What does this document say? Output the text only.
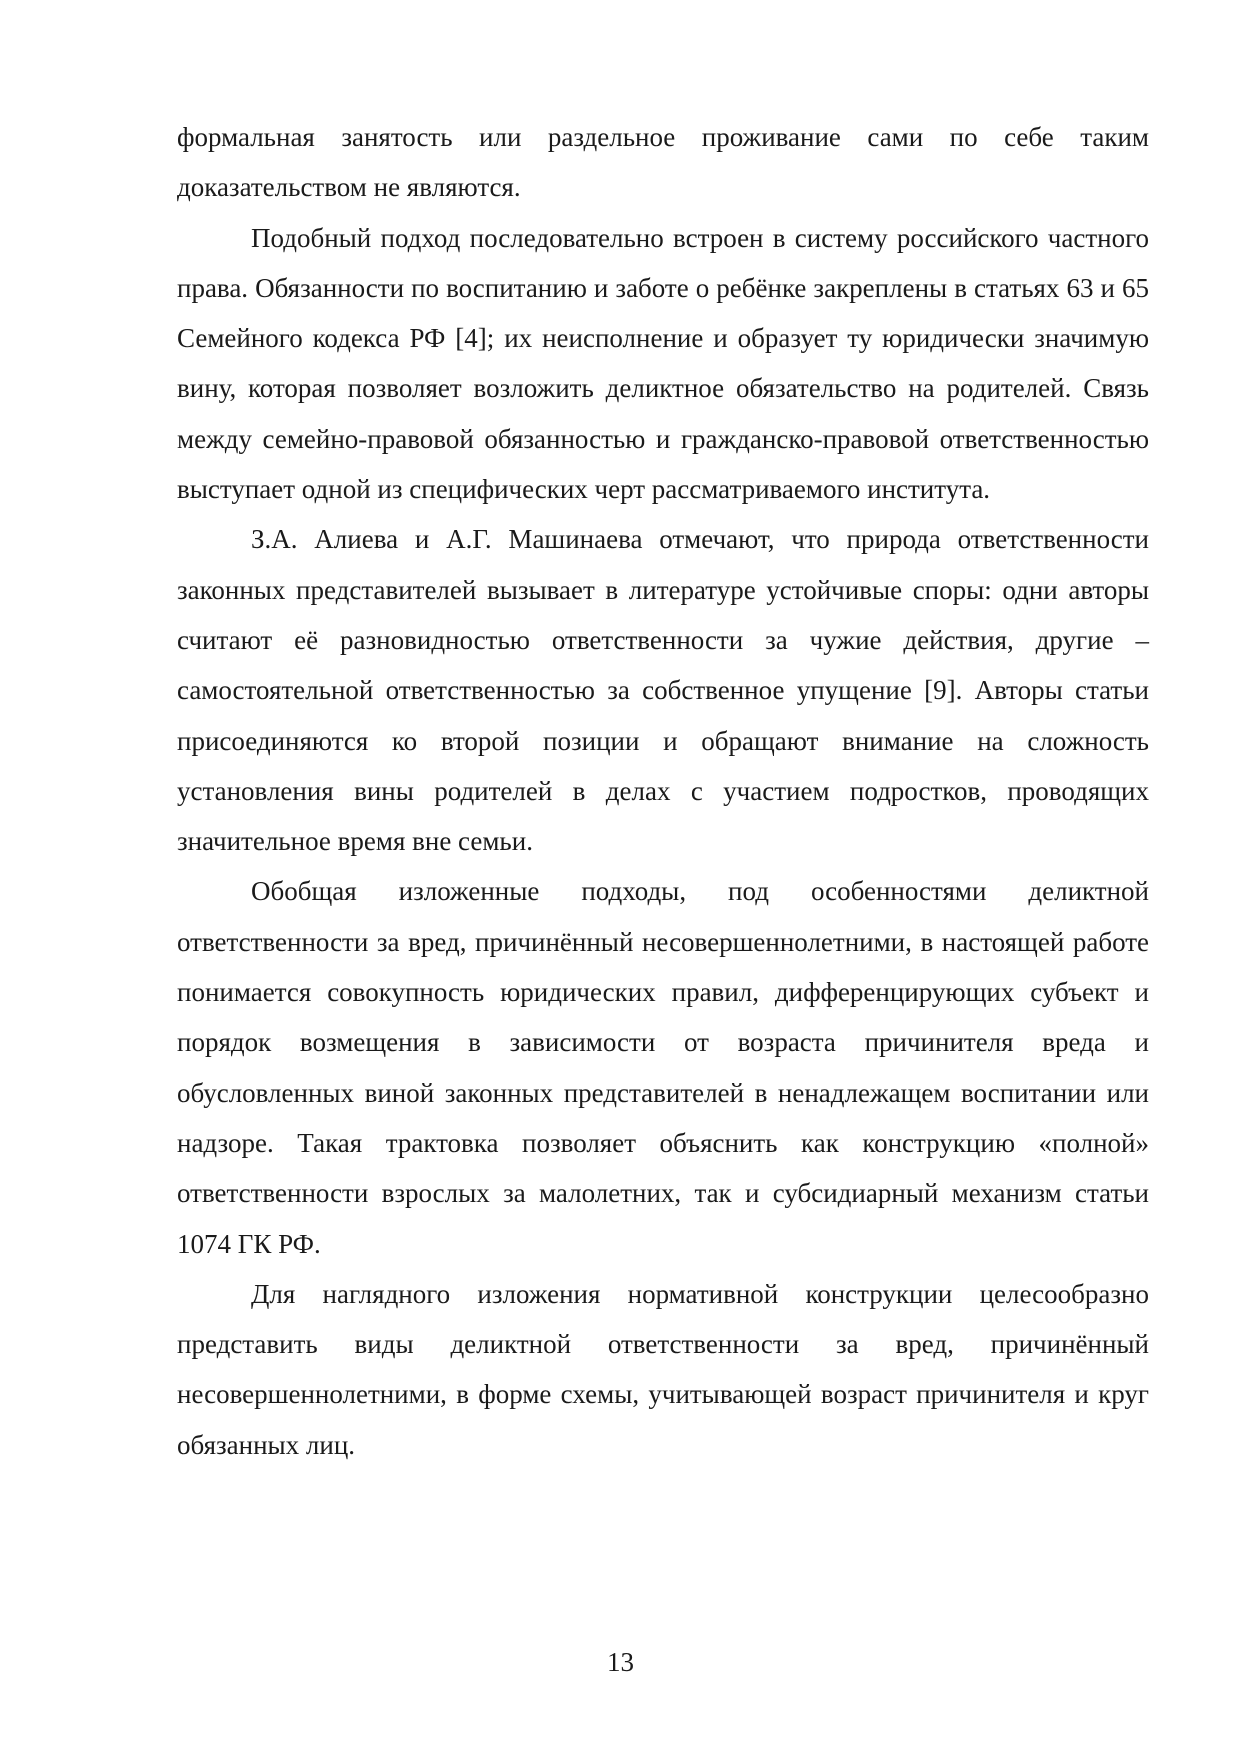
формальная занятость или раздельное проживание сами по себе таким доказательством не являются.

Подобный подход последовательно встроен в систему российского частного права. Обязанности по воспитанию и заботе о ребёнке закреплены в статьях 63 и 65 Семейного кодекса РФ [4]; их неисполнение и образует ту юридически значимую вину, которая позволяет возложить деликтное обязательство на родителей. Связь между семейно-правовой обязанностью и гражданско-правовой ответственностью выступает одной из специфических черт рассматриваемого института.

З.А. Алиева и А.Г. Машинаева отмечают, что природа ответственности законных представителей вызывает в литературе устойчивые споры: одни авторы считают её разновидностью ответственности за чужие действия, другие – самостоятельной ответственностью за собственное упущение [9]. Авторы статьи присоединяются ко второй позиции и обращают внимание на сложность установления вины родителей в делах с участием подростков, проводящих значительное время вне семьи.

Обобщая изложенные подходы, под особенностями деликтной ответственности за вред, причинённый несовершеннолетними, в настоящей работе понимается совокупность юридических правил, дифференцирующих субъект и порядок возмещения в зависимости от возраста причинителя вреда и обусловленных виной законных представителей в ненадлежащем воспитании или надзоре. Такая трактовка позволяет объяснить как конструкцию «полной» ответственности взрослых за малолетних, так и субсидиарный механизм статьи 1074 ГК РФ.

Для наглядного изложения нормативной конструкции целесообразно представить виды деликтной ответственности за вред, причинённый несовершеннолетними, в форме схемы, учитывающей возраст причинителя и круг обязанных лиц.

13
